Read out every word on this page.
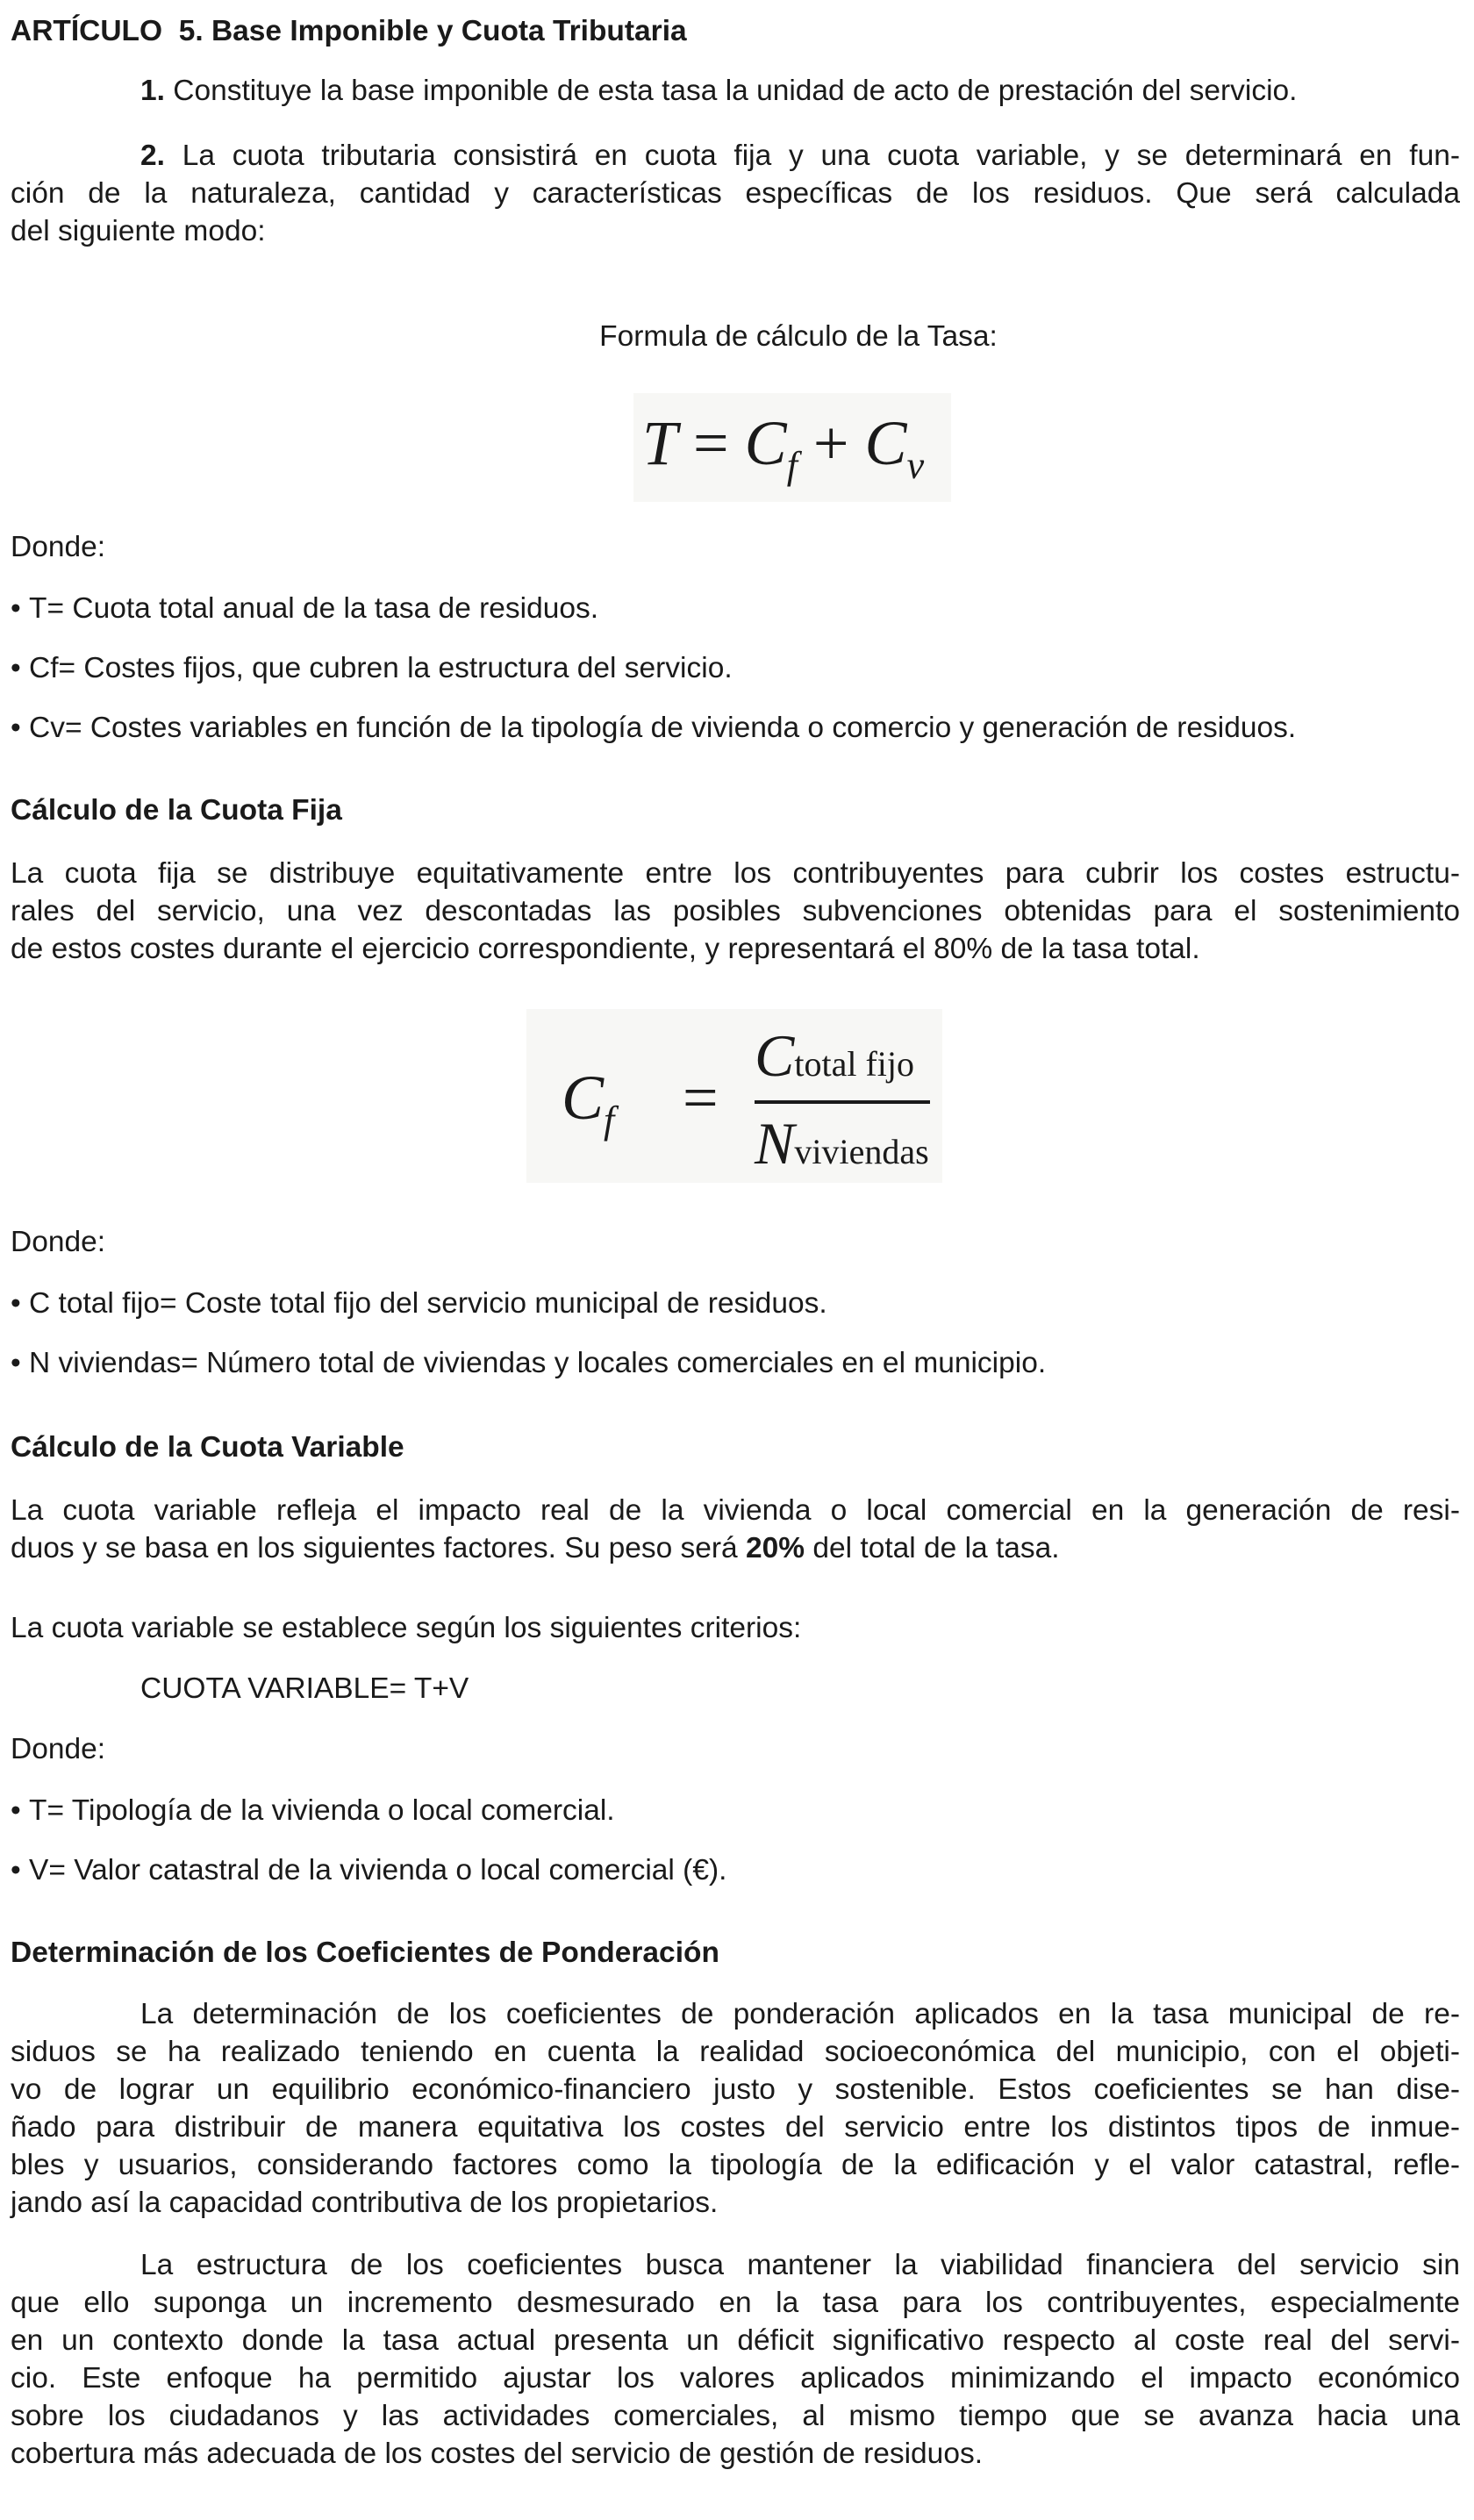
ARTÍCULO 5. Base Imponible y Cuota Tributaria
1. Constituye la base imponible de esta tasa la unidad de acto de prestación del servicio.
2. La cuota tributaria consistirá en cuota fija y una cuota variable, y se determinará en fun-
ción de la naturaleza, cantidad y características específicas de los residuos. Que será calculada
del siguiente modo:
Formula de cálculo de la Tasa:
$T = C_f + C_v$
Donde:
• T= Cuota total anual de la tasa de residuos.
• Cf= Costes fijos, que cubren la estructura del servicio.
• Cv= Costes variables en función de la tipología de vivienda o comercio y generación de residuos.
Cálculo de la Cuota Fija
La cuota fija se distribuye equitativamente entre los contribuyentes para cubrir los costes estructu-
rales del servicio, una vez descontadas las posibles subvenciones obtenidas para el sostenimiento
de estos costes durante el ejercicio correspondiente, y representará el 80% de la tasa total.
$C_f$ =
Ctotal fijo
Nviviendas
Donde:
• C total fijo= Coste total fijo del servicio municipal de residuos.
• N viviendas= Número total de viviendas y locales comerciales en el municipio.
Cálculo de la Cuota Variable
La cuota variable refleja el impacto real de la vivienda o local comercial en la generación de resi-
duos y se basa en los siguientes factores. Su peso será 20% del total de la tasa.
La cuota variable se establece según los siguientes criterios:
CUOTA VARIABLE= T+V
Donde:
• T= Tipología de la vivienda o local comercial.
• V= Valor catastral de la vivienda o local comercial (€).
Determinación de los Coeficientes de Ponderación
La determinación de los coeficientes de ponderación aplicados en la tasa municipal de re-
siduos se ha realizado teniendo en cuenta la realidad socioeconómica del municipio, con el objeti-
vo de lograr un equilibrio económico-financiero justo y sostenible. Estos coeficientes se han dise-
ñado para distribuir de manera equitativa los costes del servicio entre los distintos tipos de inmue-
bles y usuarios, considerando factores como la tipología de la edificación y el valor catastral, refle-
jando así la capacidad contributiva de los propietarios.
La estructura de los coeficientes busca mantener la viabilidad financiera del servicio sin
que ello suponga un incremento desmesurado en la tasa para los contribuyentes, especialmente
en un contexto donde la tasa actual presenta un déficit significativo respecto al coste real del servi-
cio. Este enfoque ha permitido ajustar los valores aplicados minimizando el impacto económico
sobre los ciudadanos y las actividades comerciales, al mismo tiempo que se avanza hacia una
cobertura más adecuada de los costes del servicio de gestión de residuos.
